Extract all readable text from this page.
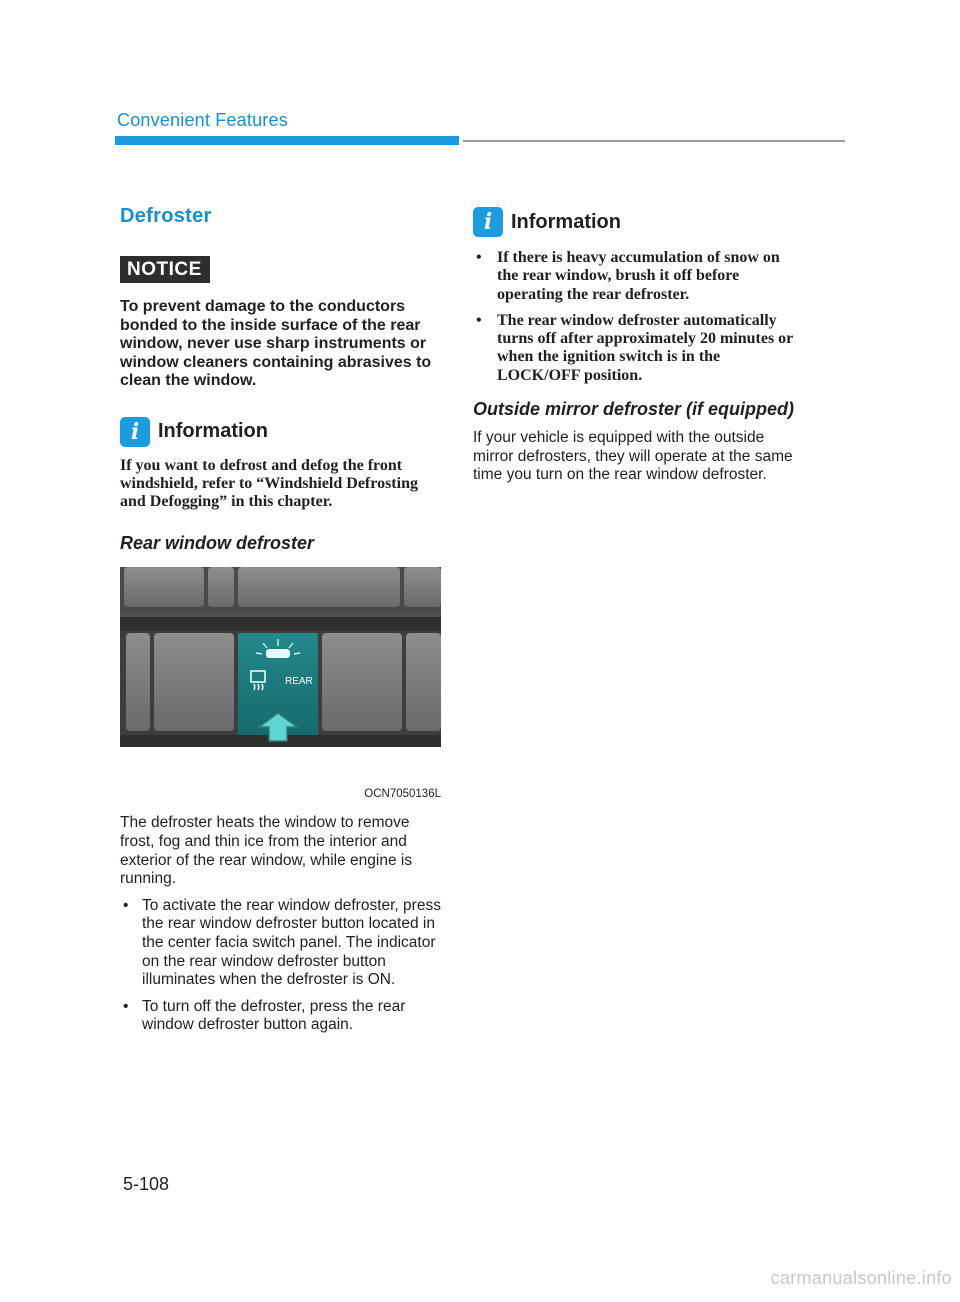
Convenient Features
Defroster
NOTICE

To prevent damage to the conductors bonded to the inside surface of the rear window, never use sharp instruments or window cleaners containing abrasives to clean the window.

i Information

If you want to defrost and defog the front windshield, refer to “Windshield Defrosting and Defogging” in this chapter.

Rear window defroster
REAR
OCN7050136L

The defroster heats the window to remove frost, fog and thin ice from the interior and exterior of the rear window, while engine is running.

• To activate the rear window defroster, press the rear window defroster button located in the center facia switch panel. The indicator on the rear window defroster button illuminates when the defroster is ON.
• To turn off the defroster, press the rear window defroster button again.
i Information
• If there is heavy accumulation of snow on the rear window, brush it off before operating the rear defroster.
• The rear window defroster automatically turns off after approximately 20 minutes or when the ignition switch is in the LOCK/OFF position.
Outside mirror defroster (if equipped)

If your vehicle is equipped with the outside mirror defrosters, they will operate at the same time you turn on the rear window defroster.

5-108
carmanualsonline.info
